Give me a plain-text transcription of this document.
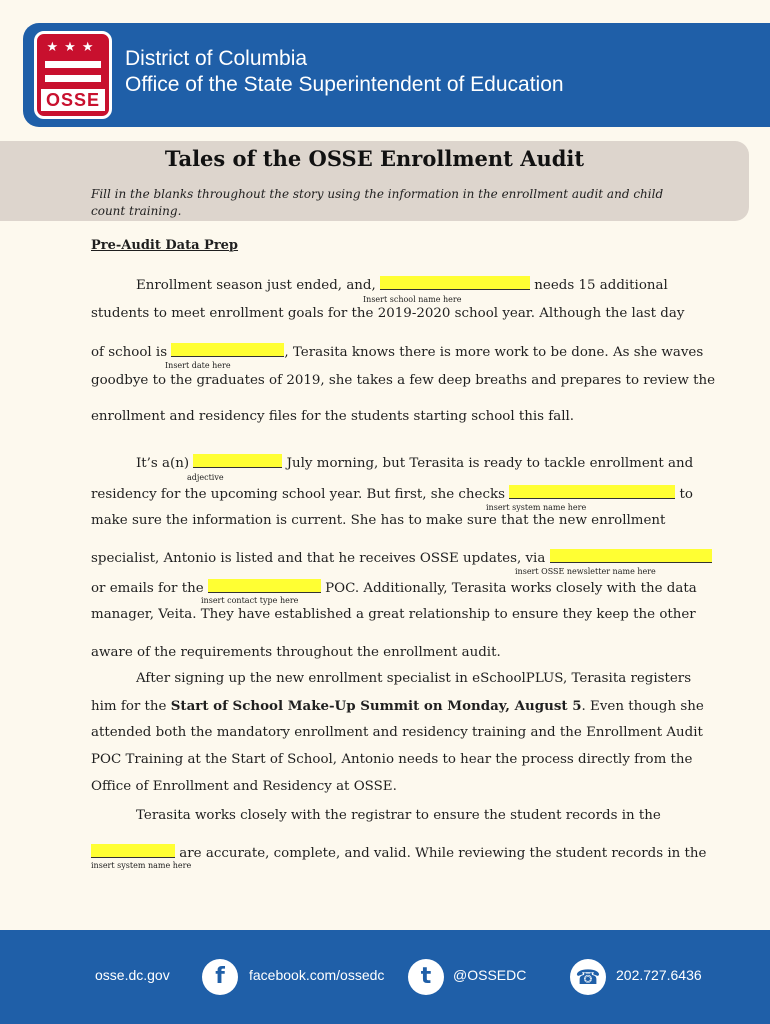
★★★
OSSE
District of Columbia
Office of the State Superintendent of Education
Tales of the OSSE Enrollment Audit
Fill in the blanks throughout the story using the information in the enrollment audit and child count training.
Pre-Audit Data Prep
Enrollment season just ended, and,	needs 15 additional
Insert school name here
students to meet enrollment goals for the 2019-2020 school year. Although the last day
of school is	, Terasita knows there is more work to be done. As she waves
Insert date here
goodbye to the graduates of 2019, she takes a few deep breaths and prepares to review the
enrollment and residency files for the students starting school this fall.
It’s a(n)	July morning, but Terasita is ready to tackle enrollment and
adjective
residency for the upcoming school year. But first, she checks	to
insert system name here
make sure the information is current. She has to make sure that the new enrollment
specialist, Antonio is listed and that he receives OSSE updates, via
insert OSSE newsletter name here
or emails for the	POC. Additionally, Terasita works closely with the data
insert contact type here
manager, Veita. They have established a great relationship to ensure they keep the other
aware of the requirements throughout the enrollment audit.
After signing up the new enrollment specialist in eSchoolPLUS, Terasita registers
him for the Start of School Make-Up Summit on Monday, August 5. Even though she
attended both the mandatory enrollment and residency training and the Enrollment Audit
POC Training at the Start of School, Antonio needs to hear the process directly from the
Office of Enrollment and Residency at OSSE.
Terasita works closely with the registrar to ensure the student records in the
are accurate, complete, and valid. While reviewing the student records in the
insert system name here
osse.dc.gov	f	facebook.com/ossedc	t	@OSSEDC ☎	202.727.6436
